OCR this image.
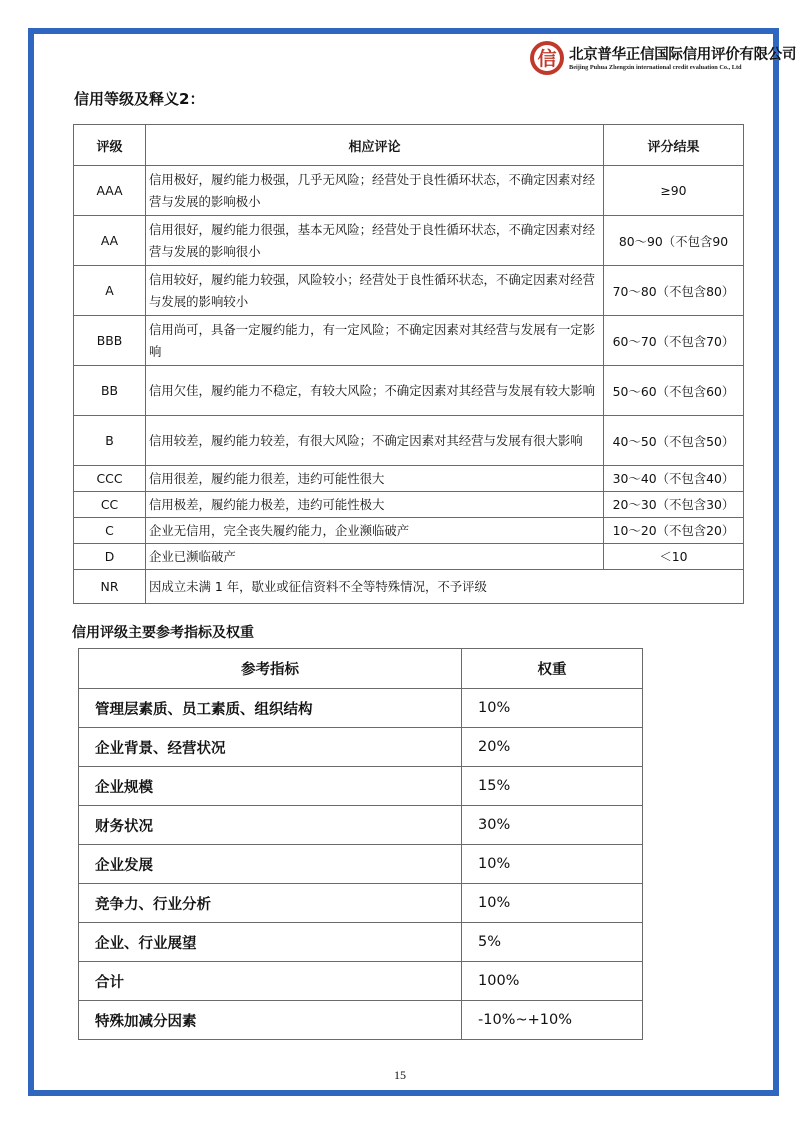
信 北京普华正信国际信用评价有限公司
Beijing Puhua Zhengxin international credit evaluation Co., Ltd
信用等级及释义2：
评级	相应评论	评分结果
AAA	信用极好，履约能力极强，几乎无风险；经营处于良性循环状态，不确定因素对经营与发展的影响极小	≥90
AA	信用很好，履约能力很强，基本无风险；经营处于良性循环状态，不确定因素对经营与发展的影响很小	80～90（不包含90
A	信用较好，履约能力较强，风险较小；经营处于良性循环状态，不确定因素对经营与发展的影响较小	70～80（不包含80）
BBB	信用尚可，具备一定履约能力，有一定风险；不确定因素对其经营与发展有一定影响	60～70（不包含70）
BB	信用欠佳，履约能力不稳定，有较大风险；不确定因素对其经营与发展有较大影响	50～60（不包含60）
B	信用较差，履约能力较差，有很大风险；不确定因素对其经营与发展有很大影响	40～50（不包含50）
CCC	信用很差，履约能力很差，违约可能性很大	30～40（不包含40）
CC	信用极差，履约能力极差，违约可能性极大	20～30（不包含30）
C	企业无信用，完全丧失履约能力，企业濒临破产	10～20（不包含20）
D	企业已濒临破产	＜10
NR	因成立未满 1 年，歇业或征信资料不全等特殊情况，不予评级	
信用评级主要参考指标及权重
参考指标	权重
管理层素质、员工素质、组织结构	10%
企业背景、经营状况	20%
企业规模	15%
财务状况	30%
企业发展	10%
竞争力、行业分析	10%
企业、行业展望	5%
合计	100%
特殊加减分因素	-10%~+10%
15
